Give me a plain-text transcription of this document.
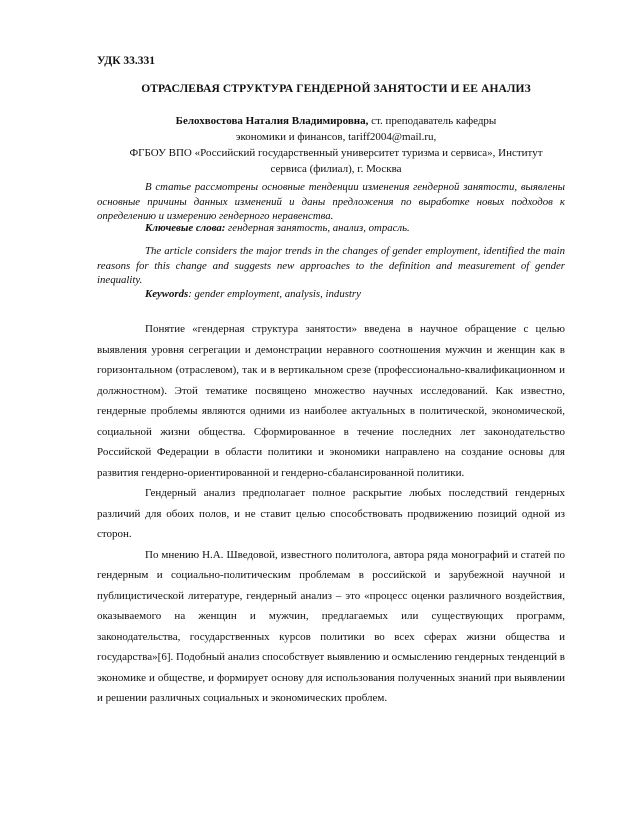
УДК 33.331
ОТРАСЛЕВАЯ СТРУКТУРА ГЕНДЕРНОЙ ЗАНЯТОСТИ И ЕЕ АНАЛИЗ
Белохвостова Наталия Владимировна, ст. преподаватель кафедры
экономики и финансов, tariff2004@mail.ru,
ФГБОУ ВПО «Российский государственный университет туризма и сервиса», Институт
сервиса (филиал), г. Москва
В статье рассмотрены основные тенденции изменения гендерной занятости, выявлены основные причины данных изменений и даны предложения по выработке новых подходов к определению и измерению гендерного неравенства.
Ключевые слова: гендерная занятость, анализ, отрасль.
The article considers the major trends in the changes of gender employment, identified the main reasons for this change and suggests new approaches to the definition and measurement of gender inequality.
Keywords: gender employment, analysis, industry

Понятие «гендерная структура занятости» введена в научное обращение с целью выявления уровня сегрегации и демонстрации неравного соотношения мужчин и женщин как в горизонтальном (отраслевом), так и в вертикальном срезе (профессионально-квалификационном и должностном). Этой тематике посвящено множество научных исследований. Как известно, гендерные проблемы являются одними из наиболее актуальных в политической, экономической, социальной жизни общества. Сформированное в течение последних лет законодательство Российской Федерации в области политики и экономики направлено на создание основы для развития гендерно-ориентированной и гендерно-сбалансированной политики.

Гендерный анализ предполагает полное раскрытие любых последствий гендерных различий для обоих полов, и не ставит целью способствовать продвижению позиций одной из сторон.

По мнению Н.А. Шведовой, известного политолога, автора ряда монографий и статей по гендерным и социально-политическим проблемам в российской и зарубежной научной и публицистической литературе, гендерный анализ – это «процесс оценки различного воздействия, оказываемого на женщин и мужчин, предлагаемых или существующих программ, законодательства, государственных курсов политики во всех сферах жизни общества и государства»[6]. Подобный анализ способствует выявлению и осмыслению гендерных тенденций в экономике и обществе, и формирует основу для использования полученных знаний при выявлении и решении различных социальных и экономических проблем.
